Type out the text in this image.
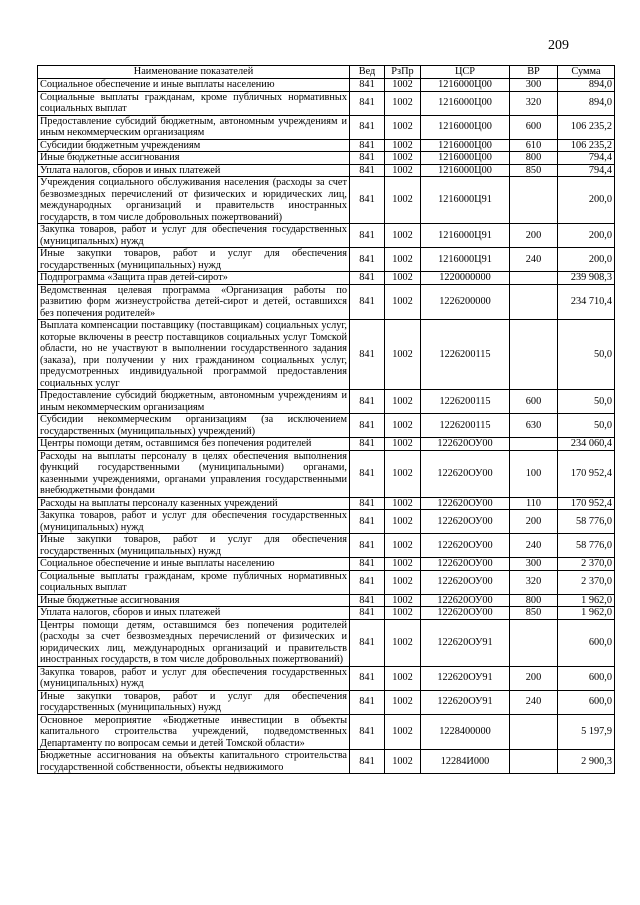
209
Наименование показателей	Вед	РзПр	ЦСР	ВР	Сумма
Социальное обеспечение и иные выплаты населению	841	1002	1216000Ц00	300	894,0
Социальные выплаты гражданам, кроме публичных нормативных социальных выплат	841	1002	1216000Ц00	320	894,0
Предоставление субсидий бюджетным, автономным учреждениям и иным некоммерческим организациям	841	1002	1216000Ц00	600	106 235,2
Субсидии бюджетным учреждениям	841	1002	1216000Ц00	610	106 235,2
Иные бюджетные ассигнования	841	1002	1216000Ц00	800	794,4
Уплата налогов, сборов и иных платежей	841	1002	1216000Ц00	850	794,4
Учреждения социального обслуживания населения (расходы за счет безвозмездных перечислений от физических и юридических лиц, международных организаций и правительств иностранных государств, в том числе добровольных пожертвований)	841	1002	1216000Ц91		200,0
Закупка товаров, работ и услуг для обеспечения государственных (муниципальных) нужд	841	1002	1216000Ц91	200	200,0
Иные закупки товаров, работ и услуг для обеспечения государственных (муниципальных) нужд	841	1002	1216000Ц91	240	200,0
Подпрограмма «Защита прав детей-сирот»	841	1002	1220000000		239 908,3
Ведомственная целевая программа «Организация работы по развитию форм жизнеустройства детей-сирот и детей, оставшихся без попечения родителей»	841	1002	1226200000		234 710,4
Выплата компенсации поставщику (поставщикам) социальных услуг, которые включены в реестр поставщиков социальных услуг Томской области, но не участвуют в выполнении государственного задания (заказа), при получении у них гражданином социальных услуг, предусмотренных индивидуальной программой предоставления социальных услуг	841	1002	1226200115		50,0
Предоставление субсидий бюджетным, автономным учреждениям и иным некоммерческим организациям	841	1002	1226200115	600	50,0
Субсидии некоммерческим организациям (за исключением государственных (муниципальных) учреждений)	841	1002	1226200115	630	50,0
Центры помощи детям, оставшимся без попечения родителей	841	1002	122620ОУ00		234 060,4
Расходы на выплаты персоналу в целях обеспечения выполнения функций государственными (муниципальными) органами, казенными учреждениями, органами управления государственными внебюджетными фондами	841	1002	122620ОУ00	100	170 952,4
Расходы на выплаты персоналу казенных учреждений	841	1002	122620ОУ00	110	170 952,4
Закупка товаров, работ и услуг для обеспечения государственных (муниципальных) нужд	841	1002	122620ОУ00	200	58 776,0
Иные закупки товаров, работ и услуг для обеспечения государственных (муниципальных) нужд	841	1002	122620ОУ00	240	58 776,0
Социальное обеспечение и иные выплаты населению	841	1002	122620ОУ00	300	2 370,0
Социальные выплаты гражданам, кроме публичных нормативных социальных выплат	841	1002	122620ОУ00	320	2 370,0
Иные бюджетные ассигнования	841	1002	122620ОУ00	800	1 962,0
Уплата налогов, сборов и иных платежей	841	1002	122620ОУ00	850	1 962,0
Центры помощи детям, оставшимся без попечения родителей (расходы за счет безвозмездных перечислений от физических и юридических лиц, международных организаций и правительств иностранных государств, в том числе добровольных пожертвований)	841	1002	122620ОУ91		600,0
Закупка товаров, работ и услуг для обеспечения государственных (муниципальных) нужд	841	1002	122620ОУ91	200	600,0
Иные закупки товаров, работ и услуг для обеспечения государственных (муниципальных) нужд	841	1002	122620ОУ91	240	600,0
Основное мероприятие «Бюджетные инвестиции в объекты капитального строительства учреждений, подведомственных Департаменту по вопросам семьи и детей Томской области»	841	1002	1228400000		5 197,9
Бюджетные ассигнования на объекты капитального строительства государственной собственности, объекты недвижимого	841	1002	12284И000		2 900,3
